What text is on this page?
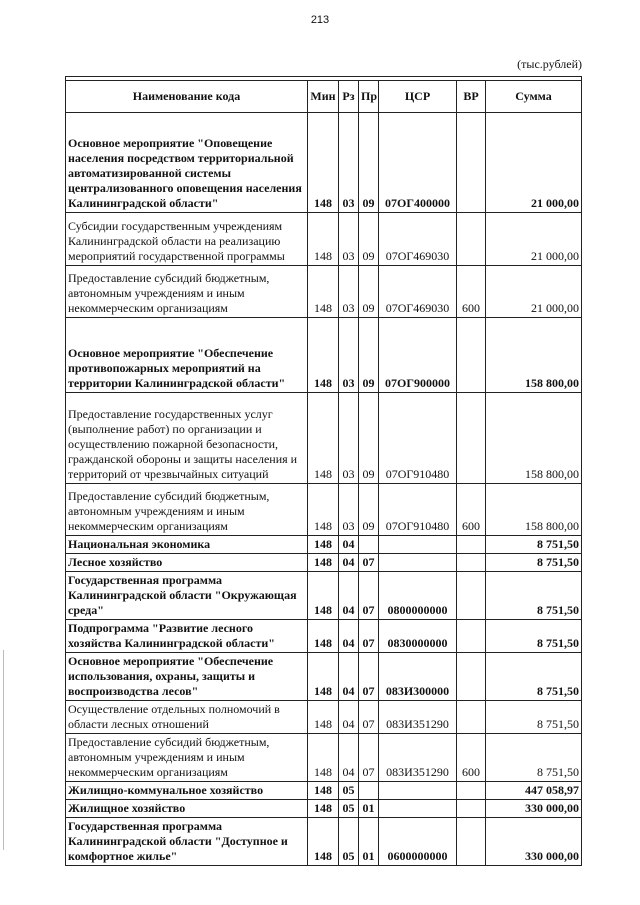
213
(тыс.рублей)

Наименование кода	Мин	Рз	Пр	ЦСР	ВР	Сумма
Основное мероприятие "Оповещение населения посредством территориальной автоматизированной системы централизованного оповещения населения Калининградской области"	148	03	09	07ОГ400000		21 000,00
Субсидии государственным учреждениям Калининградской области на реализацию мероприятий государственной программы	148	03	09	07ОГ469030		21 000,00
Предоставление субсидий бюджетным, автономным учреждениям и иным некоммерческим организациям	148	03	09	07ОГ469030	600	21 000,00
Основное мероприятие "Обеспечение противопожарных мероприятий на территории Калининградской области"	148	03	09	07ОГ900000		158 800,00
Предоставление государственных услуг (выполнение работ) по организации и осуществлению пожарной безопасности, гражданской обороны и защиты населения и территорий от чрезвычайных ситуаций	148	03	09	07ОГ910480		158 800,00
Предоставление субсидий бюджетным, автономным учреждениям и иным некоммерческим организациям	148	03	09	07ОГ910480	600	158 800,00
Национальная экономика	148	04				8 751,50
Лесное хозяйство	148	04	07			8 751,50
Государственная программа Калининградской области "Окружающая среда"	148	04	07	0800000000		8 751,50
Подпрограмма "Развитие лесного хозяйства Калининградской области"	148	04	07	0830000000		8 751,50
Основное мероприятие "Обеспечение использования, охраны, защиты и воспроизводства лесов"	148	04	07	083И300000		8 751,50
Осуществление отдельных полномочий в области лесных отношений	148	04	07	083И351290		8 751,50
Предоставление субсидий бюджетным, автономным учреждениям и иным некоммерческим организациям	148	04	07	083И351290	600	8 751,50
Жилищно-коммунальное хозяйство	148	05				447 058,97
Жилищное хозяйство	148	05	01			330 000,00
Государственная программа Калининградской области "Доступное и комфортное жилье"	148	05	01	0600000000		330 000,00
